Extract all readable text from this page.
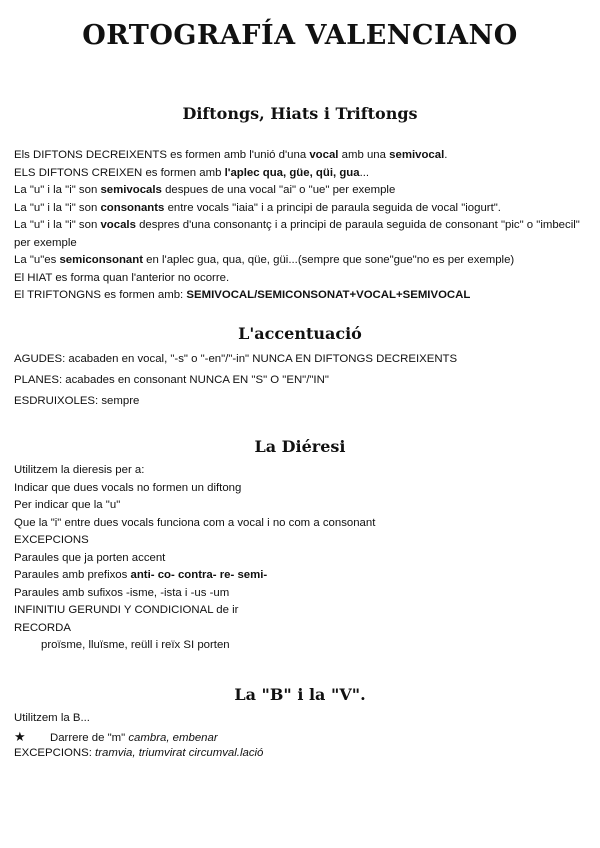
ORTOGRAFÍA VALENCIANO
Diftongs, Hiats i Triftongs
Els DIFTONS DECREIXENTS es formen amb l'unió d'una vocal amb una semivocal.
ELS DIFTONS CREIXEN es formen amb l'aplec qua, güe, qüi, gua...
La "u" i la "i" son semivocals despues de una vocal "ai" o "ue" per exemple
La "u" i la "i" son consonants entre vocals "iaia" i a principi de paraula seguida de vocal "iogurt".
La "u" i la "i" son vocals despres d'una consonantç i a principi de paraula seguida de consonant "pic" o "imbecil" per exemple
La "u"es semiconsonant en l'aplec gua, qua, qüe, güi...(sempre que sone"gue"no es per exemple)
El HIAT es forma quan l'anterior no ocorre.
El TRIFTONGNS es formen amb: SEMIVOCAL/SEMICONSONAT+VOCAL+SEMIVOCAL
L'accentuació
AGUDES: acabaden en vocal, "-s" o "-en"/"-in" NUNCA EN DIFTONGS DECREIXENTS
PLANES: acabades en consonant NUNCA EN "S" O "EN"/"IN"
ESDRUIXOLES: sempre
La Diéresi
Utilitzem la dieresis per a:
Indicar que dues vocals no formen un diftong
Per indicar que la "u"
Que la "i" entre dues vocals funciona com a vocal i no com a consonant
EXCEPCIONS
Paraules que ja porten accent
Paraules amb prefixos anti- co- contra- re- semi-
Paraules amb sufixos -isme, -ista i -us -um
INFINITIU GERUNDI Y CONDICIONAL de ir
RECORDA
proïsme, lluïsme, reüll i reïx SI porten
La "B" i la "V".
Utilitzem la B...
★ Darrere de "m" cambra, embenar
EXCEPCIONS: tramvia, triumvirat circumval.lació
